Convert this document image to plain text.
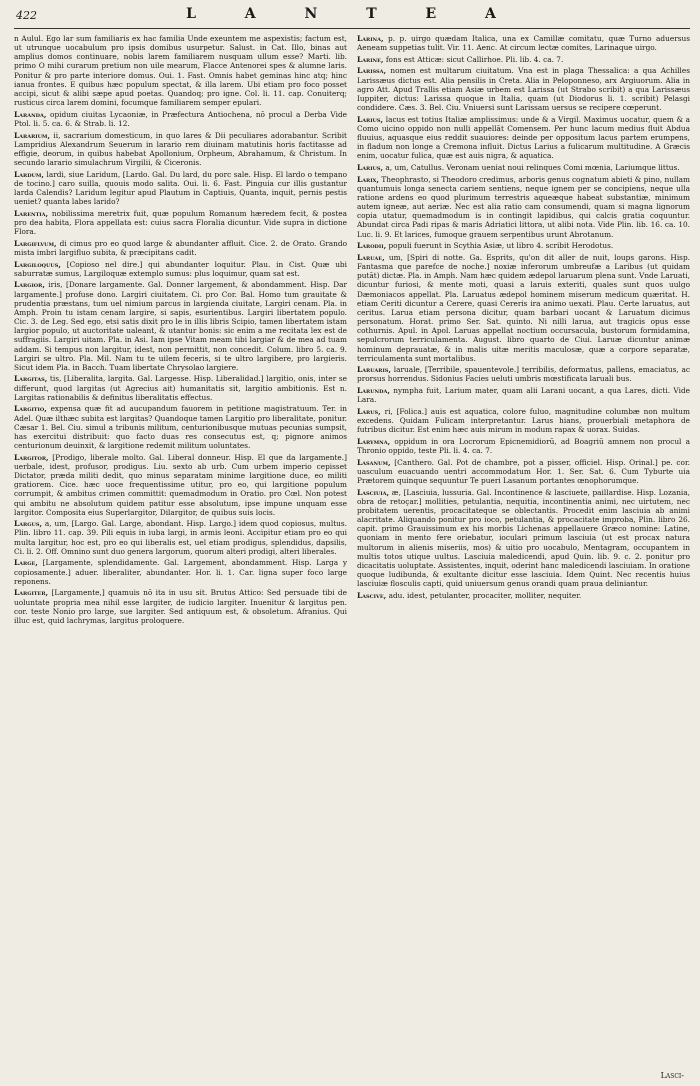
422	L A N T E A

n Aulul. Ego lar sum familiaris ex hac familia Unde exeuntem me aspexistis; factum est, ut utrunque uocabulum pro ipsis domibus usurpetur. Salust. in Cat. Illo, binas aut amplius domos continuare, nobis larem familiarem nusquam ullum esse? Marti. lib. primo O mihi curarum pretium non uile mearum, Flacce Antenorei spes & alumne laris. Ponitur & pro parte interiore domus. Oui. 1. Fast. Omnis habet geminas hinc atq; hinc ianua frontes. E quibus hæc populum spectat, & illa larem. Ubi etiam pro foco posset accipi, sicut & alibi sæpe apud poetas. Quandoq; pro igne. Col. li. 11. cap. Conuiterq; rusticus circa larem domini, focumque familiarem semper epulari.

Laranda, opidum ciuitas Lycaoniæ, in Præfectura Antiochena, nō procul a Derba Vide Ptol. li. 5. ca. 6. & Strab. li. 12.

Lararium, ii, sacrarium domesticum, in quo lares & Dii peculiares adorabantur. Scribit Lampridius Alexandrum Seuerum in larario rem diuinam matutinis horis factitasse ad effigie, deorum, in quibus habebat Apollonium, Orpheum, Abrahamum, & Christum. In secundo larario simulachrum Virgilii, & Ciceronis.

Lardum, lardi, siue Laridum, [Lardo. Gal. Du lard, du porc sale. Hisp. El lardo o tempano de tocino.] caro suilla, quouis modo salita. Oui. li. 6. Fast. Pinguia cur illis gustantur larda Calendis? Laridum legitur apud Plautum in Captiuis, Quanta, inquit, pernis pestis ueniet? quanta labes larido?

Larentia, nobilissima meretrix fuit, quæ populum Romanum hæredem fecit, & postea pro dea habita, Flora appellata est: cuius sacra Floralia dicuntur. Vide supra in dictione Flora.

Largiflvum, di cimus pro eo quod large & abundanter affluit. Cice. 2. de Orato. Grando mista imbri largifluo subita, & præcipitans cadit.

Largiloquus, [Copioso nel dire.] qui abundanter loquitur. Plau. in Cist. Quæ ubi saburratæ sumus, Largiloquæ extemplo sumus: plus loquimur, quam sat est.

Largior, iris, [Donare largamente. Gal. Donner largement, & abondamment. Hisp. Dar largamente.] profuse dono. Largiri ciuitatem. Ci. pro Cor. Bal. Homo tum grauitate & prudentia præstans, tum uel nimium parcus in largienda ciuitate, Largiri cenam. Pla. in Amph. Proin tu istam cenam largire, si sapis, esurientibus. Largiri libertatem populo. Cic. 3. de Leg. Sed ego, etsi satis dixit pro le in illis libris Scipio, tamen libertatem istam largior populo, ut auctoritate ualeant, & utantur bonis: sic enim a me recitata lex est de suffragiis. Largiri uitam. Pla. in Asi. Iam ipse Vitam meam tibi largiar & de mea ad tuam addam. Si tempus non largitur, idest, non permittit, non concedit. Colum. libro 5. ca. 9. Largiri se ultro. Pla. Mil. Nam tu te uilem feceris, si te ultro largibere, pro largieris. Sicut idem Pla. in Bacch. Tuam libertate Chrysolao largiere.

Largitas, tis, [Liberalita, largita. Gal. Largesse. Hisp. Liberalidad.] largitio, onis, inter se differunt, quod largitas (ut Agrecius ait) humanitatis sit, largitio ambitionis. Est n. Largitas rationabilis & definitus liberalitatis effectus.

Largitio, expensa quæ fit ad aucupandum fauorem in petitione magistratuum. Ter. in Adel. Quæ ilthæc subita est largitas? Quandoque tamen Largitio pro liberalitate, ponitur. Cæsar 1. Bel. Ciu. simul a tribunis militum, centurionibusque mutuas pecunias sumpsit, has exercitui distribuit: quo facto duas res consecutus est, q; pignore animos centurionum deuinxit, & largitione redemit militum uoluntates.

Largitor, [Prodigo, liberale molto. Gal. Liberal donneur. Hisp. El que da largamente.] uerbale, idest, profusor, prodigus. Liu. sexto ab urb. Cum urbem imperio cepisset Dictator, præda militi dedit, quo minus separatam minime largitione duce, eo militi gratiorem. Cice. hæc uoce frequentissime utitur, pro eo, qui largitione populum corrumpit, & ambitus crimen committit: quemadmodum in Oratio. pro Cœl. Non potest qui ambitu ne absolutum quidem patitur esse absolutum, ipse impune unquam esse largitor. Composita eius Superlargitor, Dilargitor, de quibus suis locis.

Largus, a, um, [Largo. Gal. Large, abondant. Hisp. Largo.] idem quod copiosus, multus. Plin. libro 11. cap. 39. Pili equis in iuba largi, in armis leoni. Accipitur etiam pro eo qui multa largitur, hoc est, pro eo qui liberalis est, uel etiam prodigus, splendidus, dapsilis, Ci. li. 2. Off. Omnino sunt duo genera largorum, quorum alteri prodigi, alteri liberales.

Large, [Largamente, splendidamente. Gal. Largement, abondamment. Hisp. Larga y copiosamente.] aduer. liberaliter, abundanter. Hor. li. 1. Car. ligna super foco large reponens.

Largiter, [Largamente,] quamuis nō ita in usu sit. Brutus Attico: Sed persuade tibi de uoluntate propria mea nihil esse largiter, de iudicio largiter. Inuenitur & largitus pen. cor. teste Nonio pro large, sue largiter. Sed antiquum est, & obsoletum. Afranius. Qui illuc est, quid lachrymas, largitus proloquere.

Larina, p. p. uirgo quædam Italica, una ex Camillæ comitatu, quæ Turno aduersus Aeneam suppetias tulit. Vir. 11. Aenc. At circum lectæ comites, Larinaque uirgo.

Larine, fons est Atticæ: sicut Callirhoe. Pli. lib. 4. ca. 7.

Larissa, nomen est multarum ciuitatum. Vna est in plaga Thessalica: a qua Achilles Larissæus dictus est. Alia pensilis in Creta. Alia in Peloponneso, arx Argiuorum. Alia in agro Att. Apud Trallis etiam Asiæ urbem est Larissa (ut Strabo scribit) a qua Larissæus Iuppiter, dictus: Larissa quoque in Italia, quam (ut Diodorus li. 1. scribit) Pelasgi condidere. Cæs. 3. Bel. Ciu. Vniuersi sunt Larissam uersus se recipere cœperunt.

Larius, lacus est totius Italiæ amplissimus: unde & a Virgil. Maximus uocatur, quem & a Como uicino oppido non nulli appellāt Comensem. Per hunc lacum medius fluit Abdua fluuius, aquasque eius reddit suauiores: deinde per oppositum lacus partem erumpens, in fladum non longe a Cremona influit. Dictus Larius a fulicarum multitudine. A Græcis enim, uocatur fulica, quæ est auis nigra, & aquatica.

Larius, a, um, Catullus. Veronam ueniat noui relinques Comi mœnia, Lariumque littus.

Larix, Theophrasto, si Theodoro credimus, arboris genus cognatum abieti & pino, nullam quantumuis longa senecta cariem sentiens, neque ignem per se concipiens, neque ulla ratione ardens eo quod plurimum terrestris aqueæque habeat substantiæ, minimum autem igneæ, aut aeriæ. Nec est alia ratio cam consumendi, quam si magna lignorum copia utatur, quemadmodum is in contingit lapidibus, qui calcis gratia coquuntur. Abundat circa Padi ripas & maris Adriatici littora, ut alibi nota. Vide Plin. lib. 16. ca. 10. Luc. li. 9. Et larices, fumoque grauem serpentibus urunt Abrotanum.

Larodii, populi fuerunt in Scythia Asiæ, ut libro 4. scribit Herodotus.

Laruae, um, [Spiri di notte. Ga. Esprits, qu'on dit aller de nuit, loups garons. Hisp. Fantasma que parefce de noche.] noxiæ inferorum umbreufæ a Laribus (ut quidam putāt) dictæ. Pla. in Amph. Nam hæc quidem ædepol laruarum plena sunt. Vnde Laruati, dicuntur furiosi, & mente moti, quasi a laruis exteriti, quales sunt quos uulgo Dæmoniacos appellat. Pla. Laruatus ædepol hominem miserum medicum quæritat. H. etiam Ceriti dicuntur a Cerere, quasi Cereris ira animo uexati. Plau. Certe laruatus, aut ceritus. Larua etiam persona dicitur, quam barbari uocant & Laruatum dicimus personatum. Horat. primo Ser. Sat. quinto. Ni nilli larua, aut tragicis opus esse cothurnis. Apul. in Apol. Laruas appellat noctium occursacula, bustorum formidamina, sepulcrorum terriculamenta. August. libro quarto de Ciui. Laruæ dicuntur animæ hominum deprauatæ, & in malis uitæ meritis maculosæ, quæ a corpore separatæ, terriculamenta sunt mortalibus.

Laruaris, laruale, [Terribile, spauentevole.] terribilis, deformatus, pallens, emaciatus, ac prorsus horrendus. Sidonius Facies ueluti umbris mœstificata laruali bus.

Larunda, nympha fuit, Larium mater, quam alii Larani uocant, a qua Lares, dicti. Vide Lara.

Larus, ri, [Folica.] auis est aquatica, colore fuluo, magnitudine columbæ non multum excedens. Quidam Fulicam interpretantur. Larus hians, prouerbiali metaphora de futribus dicitur. Est enim hæc auis mirum in modum rapax & uorax. Suidas.

Larymna, oppidum in ora Locrorum Epicnemidiorū, ad Boagriū amnem non procul a Thronio oppido, teste Pli. li. 4. ca. 7.

Lasanum, [Canthero. Gal. Pot de chambre, pot a pisser, officiel. Hisp. Orinal.] pe. cor. uasculum euacuando uentri accommodatum Hor. 1. Ser. Sat. 6. Cum Tyburte uia Prætorem quinque sequuntur Te pueri Lasanum portantes œnophorumque.

Lasciuia, æ, [Lasciuia, lussuria. Gal. Incontinence & lasciuete, paillardise. Hisp. Lozania, obra de retoçar.] mollities, petulantia, nequitia, incontinentia animi, nec uirtutem, nec probitatem uerentis, procacitateque se oblectantis. Procedit enim lasciuia ab animi alacritate. Aliquando ponitur pro ioco, petulantia, & procacitate improba, Plin. libro 26. capit. primo Grauissimum ex his morbis Lichenas appellauere Græco nomine: Latine, quoniam in mento fere oriebatur, ioculari primum lasciuia (ut est procax natura multorum in alienis miseriis, mos) & uitio pro uocabulo, Mentagram, occupantem in multis totos utique uultus. Lasciuia maledicendi, apud Quin. lib. 9. c. 2. ponitur pro dicacitatis uoluptate. Assistentes, inquit, oderint hanc maledicendi lasciuiam. In oratione quoque ludibunda, & exultante dicitur esse lasciuia. Idem Quint. Nec recentis huius lasciuiæ flosculis capti, quid uniuersum genus orandi quam praua deliniantur.

Lascive, adu. idest, petulanter, procaciter, molliter, nequiter.

Lasci-
